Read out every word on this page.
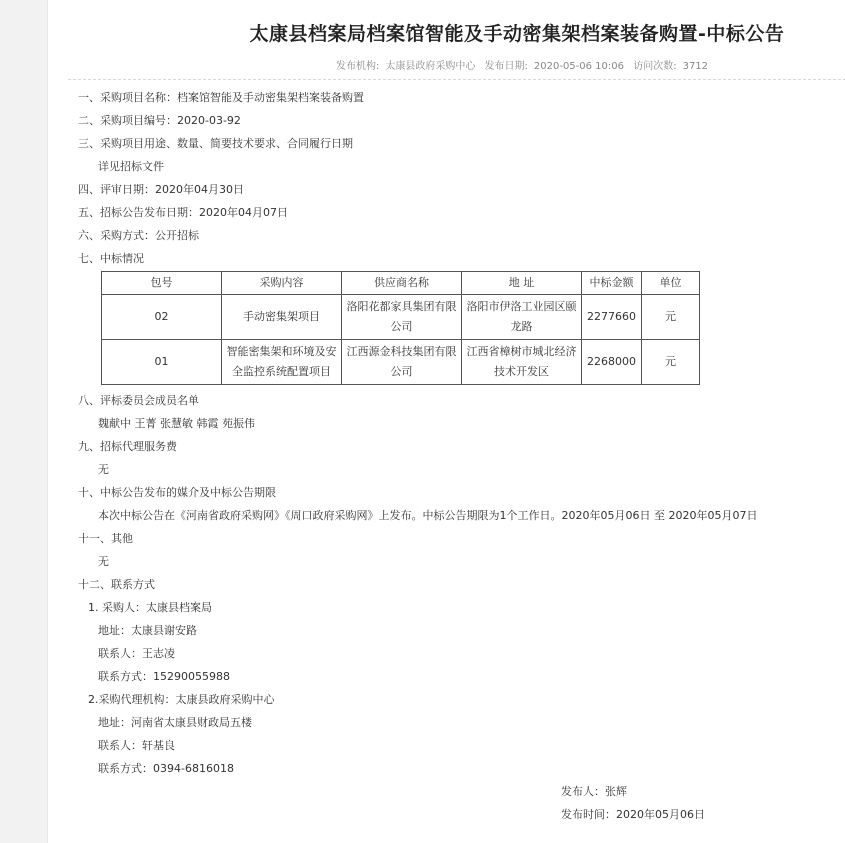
太康县档案局档案馆智能及手动密集架档案装备购置-中标公告
发布机构: 太康县政府采购中心 发布日期: 2020-05-06 10:06 访问次数: 3712
一、采购项目名称：档案馆智能及手动密集架档案装备购置
二、采购项目编号：2020-03-92
三、采购项目用途、数量、简要技术要求、合同履行日期
详见招标文件
四、评审日期：2020年04月30日
五、招标公告发布日期：2020年04月07日
六、采购方式：公开招标
七、中标情况
包号	采购内容	供应商名称	地 址	中标金额	单位
02	手动密集架项目	洛阳花都家具集团有限公司	洛阳市伊洛工业园区颐龙路	2277660	元
01	智能密集架和环境及安全监控系统配置项目	江西源金科技集团有限公司	江西省樟树市城北经济技术开发区	2268000	元
八、评标委员会成员名单
魏献中 王菁 张慧敏 韩霞 苑振伟
九、招标代理服务费
无
十、中标公告发布的媒介及中标公告期限
本次中标公告在《河南省政府采购网》《周口政府采购网》上发布。中标公告期限为1个工作日。2020年05月06日 至 2020年05月07日
十一、其他
无
十二、联系方式
1. 采购人：太康县档案局
地址：太康县谢安路
联系人：王志凌
联系方式：15290055988
2.采购代理机构：太康县政府采购中心
地址：河南省太康县财政局五楼
联系人：轩基良
联系方式：0394-6816018
发布人：张辉
发布时间：2020年05月06日
